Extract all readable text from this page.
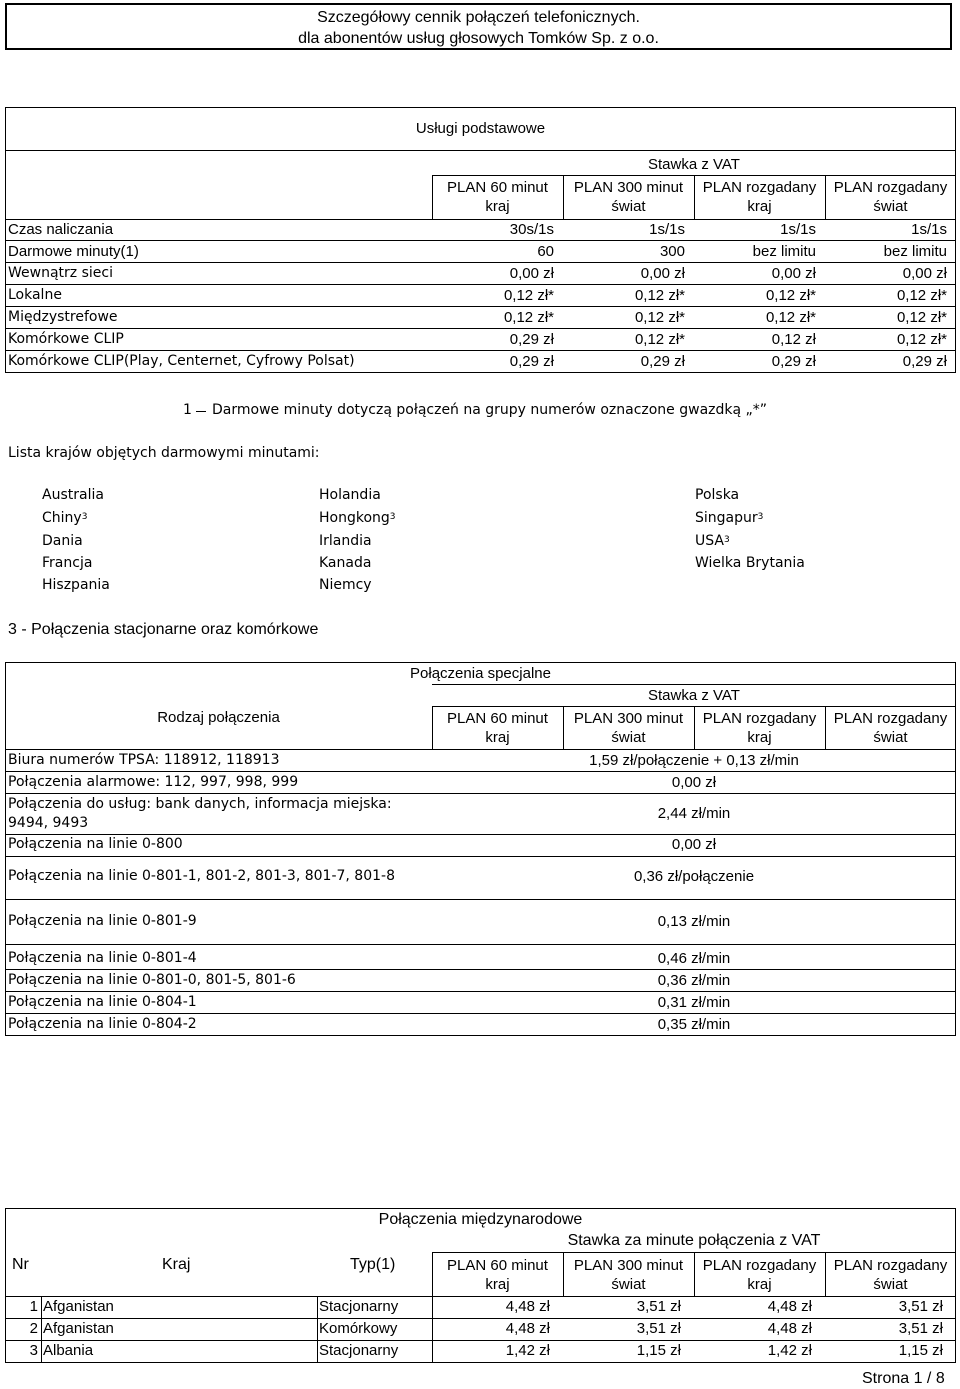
Szczegółowy cennik połączeń telefonicznych.
dla abonentów usług głosowych Tomków Sp. z o.o.
Usługi podstawowe
Stawka z VAT
PLAN 60 minut
kraj
PLAN 300 minut
świat
PLAN rozgadany
kraj
PLAN rozgadany
świat
Czas naliczania	30s/1s	1s/1s	1s/1s	1s/1s
Darmowe minuty(1)	60	300	bez limitu	bez limitu
Wewnątrz sieci	0,00 zł	0,00 zł	0,00 zł	0,00 zł
Lokalne	0,12 zł*	0,12 zł*	0,12 zł*	0,12 zł*
Międzystrefowe	0,12 zł*	0,12 zł*	0,12 zł*	0,12 zł*
Komórkowe CLIP	0,29 zł	0,12 zł*	0,12 zł	0,12 zł*
Komórkowe CLIP(Play, Centernet, Cyfrowy Polsat)	0,29 zł	0,29 zł	0,29 zł	0,29 zł
1 Darmowe minuty dotyczą połączeń na grupy numerów oznaczone gwazdką „*”
Lista krajów objętych darmowymi minutami:
Australia
Chiny$^3$
Dania
Francja
Hiszpania
Holandia
Hongkong$^3$
Irlandia
Kanada
Niemcy
Polska
Singapur$^3$
USA$^3$
Wielka Brytania
3 - Połączenia stacjonarne oraz komórkowe
Połączenia specjalne
Rodzaj połączenia
Stawka z VAT
PLAN 60 minut
kraj
PLAN 300 minut
świat
PLAN rozgadany
kraj
PLAN rozgadany
świat
Biura numerów TPSA: 118912, 118913	1,59 zł/połączenie + 0,13 zł/min
Połączenia alarmowe: 112, 997, 998, 999	0,00 zł
Połączenia do usług: bank danych, informacja miejska:
9494, 9493
2,44 zł/min
Połączenia na linie 0-800	0,00 zł
Połączenia na linie 0-801-1, 801-2, 801-3, 801-7, 801-8	0,36 zł/połączenie
Połączenia na linie 0-801-9	0,13 zł/min
Połączenia na linie 0-801-4	0,46 zł/min
Połączenia na linie 0-801-0, 801-5, 801-6	0,36 zł/min
Połączenia na linie 0-804-1	0,31 zł/min
Połączenia na linie 0-804-2	0,35 zł/min
Połączenia międzynarodowe
Stawka za minute połączenia z VAT
Nr	Kraj	Typ(1)	PLAN 60 minut
kraj
PLAN 300 minut
świat
PLAN rozgadany
kraj
PLAN rozgadany
świat
1 Afganistan	Stacjonarny	4,48 zł	3,51 zł	4,48 zł	3,51 zł
2 Afganistan	Komórkowy	4,48 zł	3,51 zł	4,48 zł	3,51 zł
3 Albania	Stacjonarny	1,42 zł	1,15 zł	1,42 zł	1,15 zł
Strona 1 / 8
